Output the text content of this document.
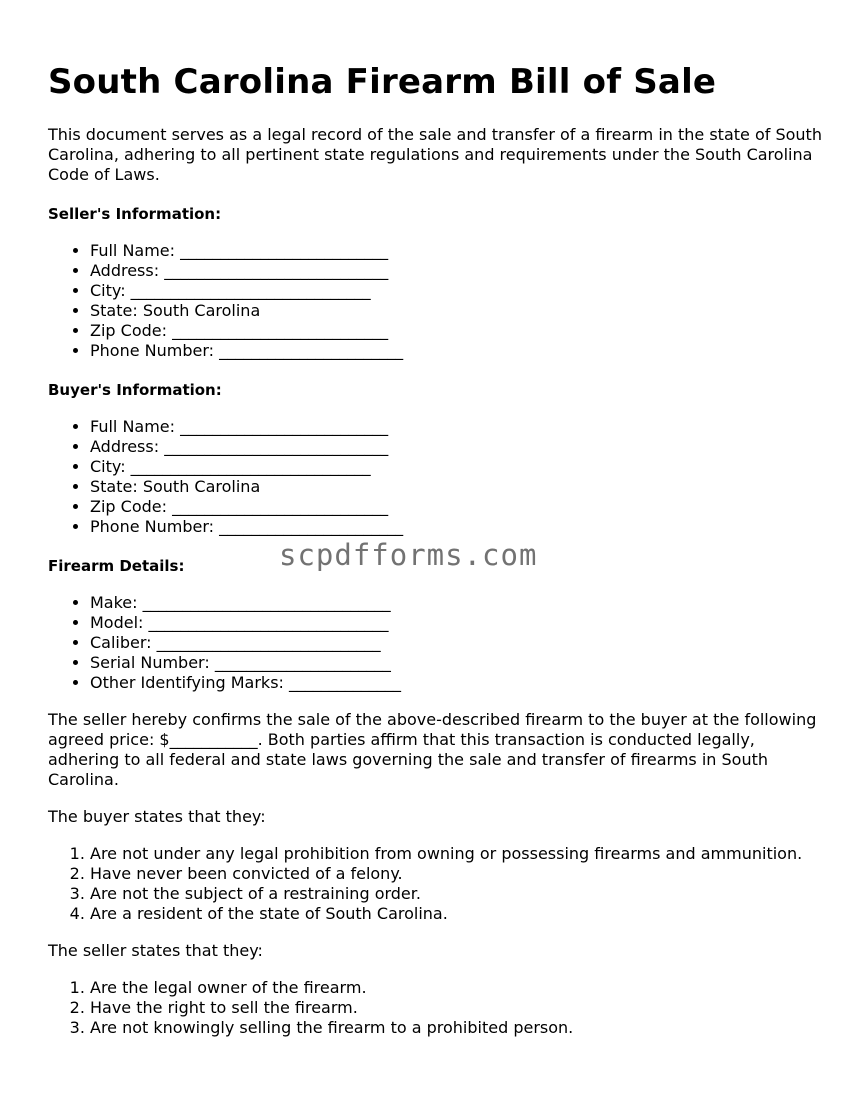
South Carolina Firearm Bill of Sale

This document serves as a legal record of the sale and transfer of a firearm in the state of South Carolina, adhering to all pertinent state regulations and requirements under the South Carolina Code of Laws.

Seller's Information:
• Full Name: __________________________
• Address: ____________________________
• City: ______________________________
• State: South Carolina
• Zip Code: ___________________________
• Phone Number: _______________________
Buyer's Information:
• Full Name: __________________________
• Address: ____________________________
• City: ______________________________
• State: South Carolina
• Zip Code: ___________________________
• Phone Number: _______________________
Firearm Details:
• Make: _______________________________
• Model: ______________________________
• Caliber: ____________________________
• Serial Number: ______________________
• Other Identifying Marks: ______________

The seller hereby confirms the sale of the above-described firearm to the buyer at the following agreed price: $___________. Both parties affirm that this transaction is conducted legally, adhering to all federal and state laws governing the sale and transfer of firearms in South Carolina.

The buyer states that they:

1. Are not under any legal prohibition from owning or possessing firearms and ammunition.
2. Have never been convicted of a felony.
3. Are not the subject of a restraining order.
4. Are a resident of the state of South Carolina.

The seller states that they:

1. Are the legal owner of the firearm.
2. Have the right to sell the firearm.
3. Are not knowingly selling the firearm to a prohibited person.
scpdfforms.com
